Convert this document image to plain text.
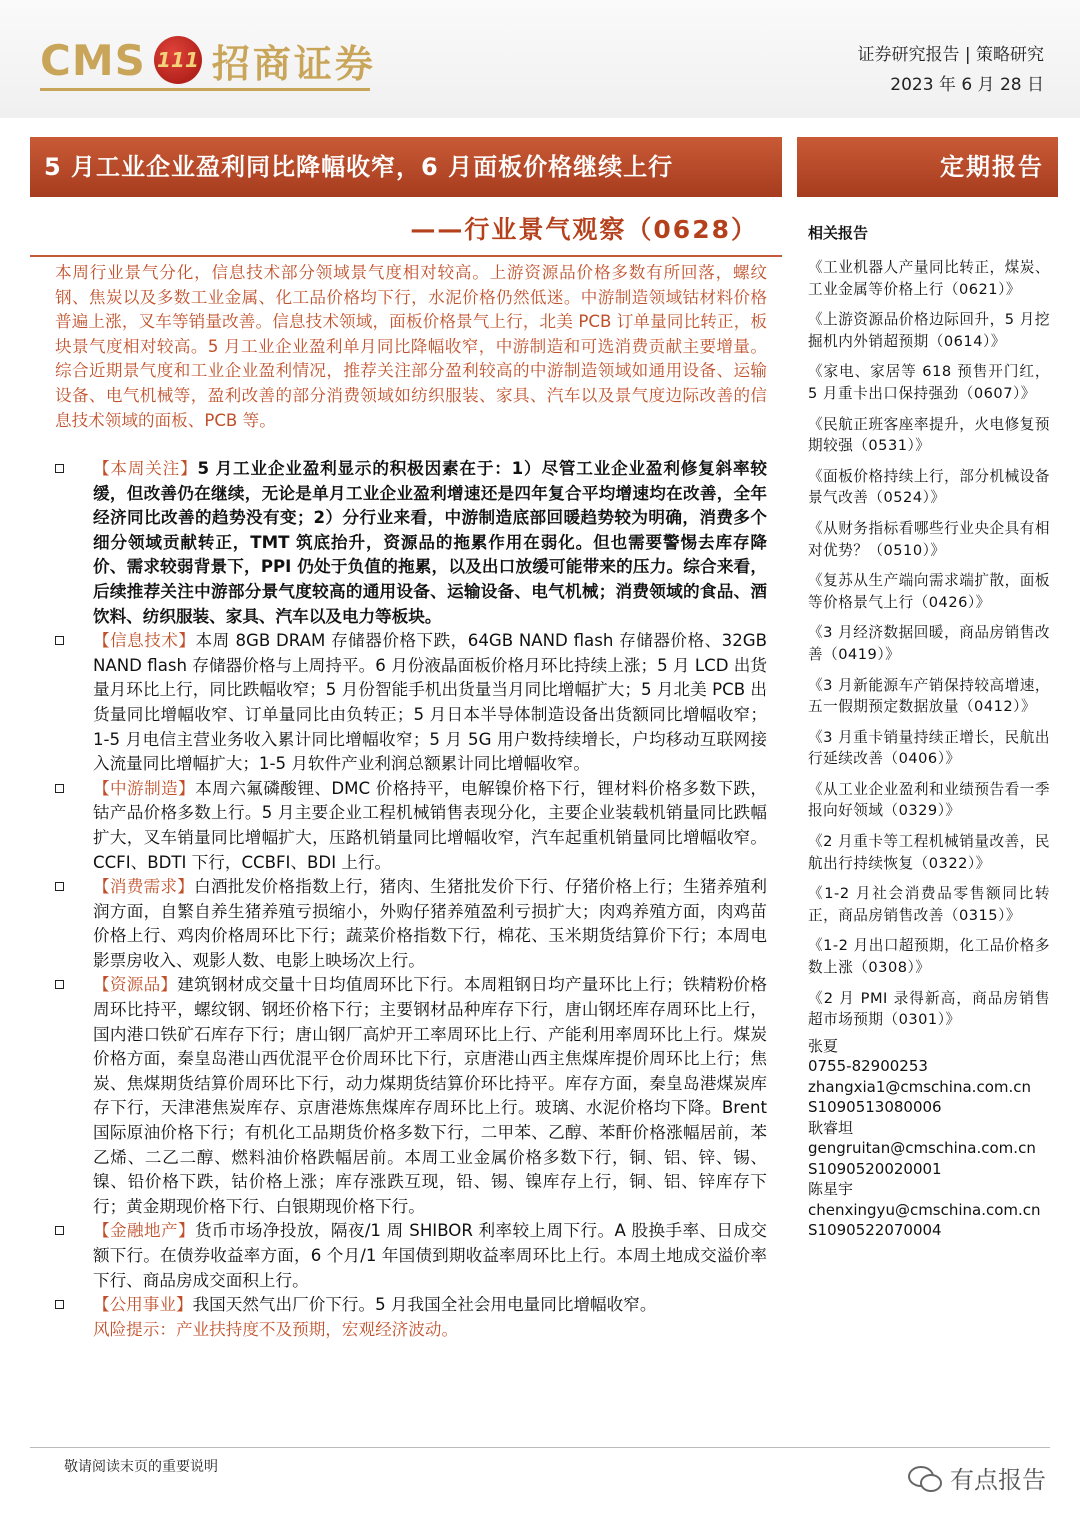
CMS 111 招商证券	证券研究报告 | 策略研究
2023 年 6 月 28 日
5 月工业企业盈利同比降幅收窄，6 月面板价格继续上行	定期报告
——行业景气观察（0628）
本周行业景气分化，信息技术部分领域景气度相对较高。上游资源品价格多数有所回落，螺纹钢、焦炭以及多数工业金属、化工品价格均下行，水泥价格仍然低迷。中游制造领域钴材料价格普遍上涨，叉车等销量改善。信息技术领域，面板价格景气上行，北美 PCB 订单量同比转正，板块景气度相对较高。5 月工业企业盈利单月同比降幅收窄，中游制造和可选消费贡献主要增量。综合近期景气度和工业企业盈利情况，推荐关注部分盈利较高的中游制造领域如通用设备、运输设备、电气机械等，盈利改善的部分消费领域如纺织服装、家具、汽车以及景气度边际改善的信息技术领域的面板、PCB 等。
【本周关注】5 月工业企业盈利显示的积极因素在于：1）尽管工业企业盈利修复斜率较缓，但改善仍在继续，无论是单月工业企业盈利增速还是四年复合平均增速均在改善，全年经济同比改善的趋势没有变；2）分行业来看，中游制造底部回暖趋势较为明确，消费多个细分领域贡献转正，TMT 筑底抬升，资源品的拖累作用在弱化。但也需要警惕去库存降价、需求较弱背景下，PPI 仍处于负值的拖累，以及出口放缓可能带来的压力。综合来看，后续推荐关注中游部分景气度较高的通用设备、运输设备、电气机械；消费领域的食品、酒饮料、纺织服装、家具、汽车以及电力等板块。
【信息技术】本周 8GB DRAM 存储器价格下跌，64GB NAND flash 存储器价格、32GB NAND flash 存储器价格与上周持平。6 月份液晶面板价格月环比持续上涨；5 月 LCD 出货量月环比上行，同比跌幅收窄；5 月份智能手机出货量当月同比增幅扩大；5 月北美 PCB 出货量同比增幅收窄、订单量同比由负转正；5 月日本半导体制造设备出货额同比增幅收窄；1-5 月电信主营业务收入累计同比增幅收窄；5 月 5G 用户数持续增长，户均移动互联网接入流量同比增幅扩大；1-5 月软件产业利润总额累计同比增幅收窄。
【中游制造】本周六氟磷酸锂、DMC 价格持平，电解镍价格下行，锂材料价格多数下跌，钴产品价格多数上行。5 月主要企业工程机械销售表现分化，主要企业装载机销量同比跌幅扩大，叉车销量同比增幅扩大，压路机销量同比增幅收窄，汽车起重机销量同比增幅收窄。CCFI、BDTI 下行，CCBFI、BDI 上行。
【消费需求】白酒批发价格指数上行，猪肉、生猪批发价下行、仔猪价格上行；生猪养殖利润方面，自繁自养生猪养殖亏损缩小，外购仔猪养殖盈利亏损扩大；肉鸡养殖方面，肉鸡苗价格上行、鸡肉价格周环比下行；蔬菜价格指数下行，棉花、玉米期货结算价下行；本周电影票房收入、观影人数、电影上映场次上行。
【资源品】建筑钢材成交量十日均值周环比下行。本周粗钢日均产量环比上行；铁精粉价格周环比持平，螺纹钢、钢坯价格下行；主要钢材品种库存下行，唐山钢坯库存周环比上行，国内港口铁矿石库存下行；唐山钢厂高炉开工率周环比上行、产能利用率周环比上行。煤炭价格方面，秦皇岛港山西优混平仓价周环比下行，京唐港山西主焦煤库提价周环比上行；焦炭、焦煤期货结算价周环比下行，动力煤期货结算价环比持平。库存方面，秦皇岛港煤炭库存下行，天津港焦炭库存、京唐港炼焦煤库存周环比上行。玻璃、水泥价格均下降。Brent 国际原油价格下行；有机化工品期货价格多数下行，二甲苯、乙醇、苯酐价格涨幅居前，苯乙烯、二乙二醇、燃料油价格跌幅居前。本周工业金属价格多数下行，铜、铝、锌、锡、镍、铅价格下跌，钴价格上涨；库存涨跌互现，铅、锡、镍库存上行，铜、铝、锌库存下行；黄金期现价格下行、白银期现价格下行。
【金融地产】货币市场净投放，隔夜/1 周 SHIBOR 利率较上周下行。A 股换手率、日成交额下行。在债券收益率方面，6 个月/1 年国债到期收益率周环比上行。本周土地成交溢价率下行、商品房成交面积上行。
【公用事业】我国天然气出厂价下行。5 月我国全社会用电量同比增幅收窄。
风险提示：产业扶持度不及预期，宏观经济波动。
相关报告
《工业机器人产量同比转正，煤炭、工业金属等价格上行（0621）》
《上游资源品价格边际回升，5 月挖掘机内外销超预期（0614）》
《家电、家居等 618 预售开门红，5 月重卡出口保持强劲（0607）》
《民航正班客座率提升，火电修复预期较强（0531）》
《面板价格持续上行，部分机械设备景气改善（0524）》
《从财务指标看哪些行业央企具有相对优势？（0510）》
《复苏从生产端向需求端扩散，面板等价格景气上行（0426）》
《3 月经济数据回暖，商品房销售改善（0419）》
《3 月新能源车产销保持较高增速，五一假期预定数据放量（0412）》
《3 月重卡销量持续正增长，民航出行延续改善（0406）》
《从工业企业盈利和业绩预告看一季报向好领域（0329）》
《2 月重卡等工程机械销量改善，民航出行持续恢复（0322）》
《1-2 月社会消费品零售额同比转正，商品房销售改善（0315）》
《1-2 月出口超预期，化工品价格多数上涨（0308）》
《2 月 PMI 录得新高，商品房销售超市场预期（0301）》
张夏
0755-82900253
zhangxia1@cmschina.com.cn
S1090513080006
耿睿坦
gengruitan@cmschina.com.cn
S1090520020001
陈星宇
chenxingyu@cmschina.com.cn
S1090522070004
敬请阅读末页的重要说明	有点报告
